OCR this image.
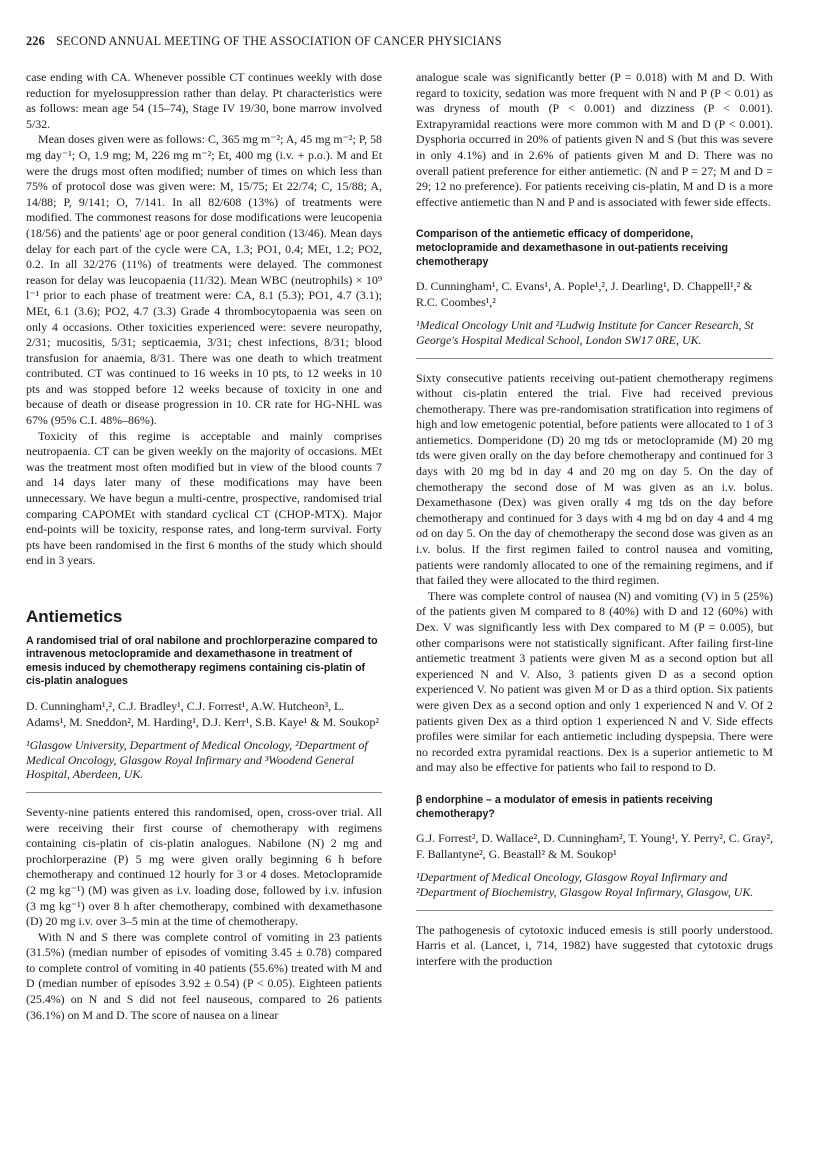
226 SECOND ANNUAL MEETING OF THE ASSOCIATION OF CANCER PHYSICIANS

case ending with CA. Whenever possible CT continues weekly with dose reduction for myelosuppression rather than delay. Pt characteristics were as follows: mean age 54 (15–74), Stage IV 19/30, bone marrow involved 5/32.

Mean doses given were as follows: C, 365 mg m⁻²; A, 45 mg m⁻²; P, 58 mg day⁻¹; O, 1.9 mg; M, 226 mg m⁻²; Et, 400 mg (i.v. + p.o.). M and Et were the drugs most often modified; number of times on which less than 75% of protocol dose was given were: M, 15/75; Et 22/74; C, 15/88; A, 14/88; P, 9/141; O, 7/141. In all 82/608 (13%) of treatments were modified. The commonest reasons for dose modifications were leucopenia (18/56) and the patients' age or poor general condition (13/46). Mean days delay for each part of the cycle were CA, 1.3; PO1, 0.4; MEt, 1.2; PO2, 0.2. In all 32/276 (11%) of treatments were delayed. The commonest reason for delay was leucopaenia (11/32). Mean WBC (neutrophils) × 10⁹ l⁻¹ prior to each phase of treatment were: CA, 8.1 (5.3); PO1, 4.7 (3.1); MEt, 6.1 (3.6); PO2, 4.7 (3.3) Grade 4 thrombocytopaenia was seen on only 4 occasions. Other toxicities experienced were: severe neuropathy, 2/31; mucositis, 5/31; septicaemia, 3/31; chest infections, 8/31; blood transfusion for anaemia, 8/31. There was one death to which treatment contributed. CT was continued to 16 weeks in 10 pts, to 12 weeks in 10 pts and was stopped before 12 weeks because of toxicity in one and because of death or disease progression in 10. CR rate for HG-NHL was 67% (95% C.I. 48%–86%).

Toxicity of this regime is acceptable and mainly comprises neutropaenia. CT can be given weekly on the majority of occasions. MEt was the treatment most often modified but in view of the blood counts 7 and 14 days later many of these modifications may have been unnecessary. We have begun a multi-centre, prospective, randomised trial comparing CAPOMEt with standard cyclical CT (CHOP-MTX). Major end-points will be toxicity, response rates, and long-term survival. Forty pts have been randomised in the first 6 months of the study which should end in 3 years.

Antiemetics
A randomised trial of oral nabilone and prochlorperazine compared to intravenous metoclopramide and dexamethasone in treatment of emesis induced by chemotherapy regimens containing cis-platin of cis-platin analogues
D. Cunningham¹,², C.J. Bradley¹, C.J. Forrest¹, A.W. Hutcheon³, L. Adams¹, M. Sneddon², M. Harding¹, D.J. Kerr¹, S.B. Kaye¹ & M. Soukop²
¹Glasgow University, Department of Medical Oncology, ²Department of Medical Oncology, Glasgow Royal Infirmary and ³Woodend General Hospital, Aberdeen, UK.

Seventy-nine patients entered this randomised, open, cross-over trial. All were receiving their first course of chemotherapy with regimens containing cis-platin of cis-platin analogues. Nabilone (N) 2 mg and prochlorperazine (P) 5 mg were given orally beginning 6 h before chemotherapy and continued 12 hourly for 3 or 4 doses. Metoclopramide (2 mg kg⁻¹) (M) was given as i.v. loading dose, followed by i.v. infusion (3 mg kg⁻¹) over 8 h after chemotherapy, combined with dexamethasone (D) 20 mg i.v. over 3–5 min at the time of chemotherapy.

With N and S there was complete control of vomiting in 23 patients (31.5%) (median number of episodes of vomiting 3.45 ± 0.78) compared to complete control of vomiting in 40 patients (55.6%) treated with M and D (median number of episodes 3.92 ± 0.54) (P < 0.05). Eighteen patients (25.4%) on N and S did not feel nauseous, compared to 26 patients (36.1%) on M and D. The score of nausea on a linear

analogue scale was significantly better (P = 0.018) with M and D. With regard to toxicity, sedation was more frequent with N and P (P < 0.01) as was dryness of mouth (P < 0.001) and dizziness (P < 0.001). Extrapyramidal reactions were more common with M and D (P < 0.001). Dysphoria occurred in 20% of patients given N and S (but this was severe in only 4.1%) and in 2.6% of patients given M and D. There was no overall patient preference for either antiemetic. (N and P = 27; M and D = 29; 12 no preference). For patients receiving cis-platin, M and D is a more effective antiemetic than N and P and is associated with fewer side effects.

Comparison of the antiemetic efficacy of domperidone, metoclopramide and dexamethasone in out-patients receiving chemotherapy
D. Cunningham¹, C. Evans¹, A. Pople¹,², J. Dearling¹, D. Chappell¹,² & R.C. Coombes¹,²
¹Medical Oncology Unit and ²Ludwig Institute for Cancer Research, St George's Hospital Medical School, London SW17 0RE, UK.

Sixty consecutive patients receiving out-patient chemotherapy regimens without cis-platin entered the trial. Five had received previous chemotherapy. There was pre-randomisation stratification into regimens of high and low emetogenic potential, before patients were allocated to 1 of 3 antiemetics. Domperidone (D) 20 mg tds or metoclopramide (M) 20 mg tds were given orally on the day before chemotherapy and continued for 3 days with 20 mg bd in day 4 and 20 mg on day 5. On the day of chemotherapy the second dose of M was given as an i.v. bolus. Dexamethasone (Dex) was given orally 4 mg tds on the day before chemotherapy and continued for 3 days with 4 mg bd on day 4 and 4 mg od on day 5. On the day of chemotherapy the second dose was given as an i.v. bolus. If the first regimen failed to control nausea and vomiting, patients were randomly allocated to one of the remaining regimens, and if that failed they were allocated to the third regimen.

There was complete control of nausea (N) and vomiting (V) in 5 (25%) of the patients given M compared to 8 (40%) with D and 12 (60%) with Dex. V was significantly less with Dex compared to M (P = 0.005), but other comparisons were not statistically significant. After failing first-line antiemetic treatment 3 patients were given M as a second option but all experienced N and V. Also, 3 patients given D as a second option experienced V. No patient was given M or D as a third option. Six patients were given Dex as a second option and only 1 experienced N and V. Of 2 patients given Dex as a third option 1 experienced N and V. Side effects profiles were similar for each antiemetic including dyspepsia. There were no recorded extra pyramidal reactions. Dex is a superior antiemetic to M and may also be effective for patients who fail to respond to D.

β endorphine – a modulator of emesis in patients receiving chemotherapy?
G.J. Forrest², D. Wallace², D. Cunningham², T. Young¹, Y. Perry², C. Gray², F. Ballantyne², G. Beastall² & M. Soukop¹
¹Department of Medical Oncology, Glasgow Royal Infirmary and ²Department of Biochemistry, Glasgow Royal Infirmary, Glasgow, UK.

The pathogenesis of cytotoxic induced emesis is still poorly understood. Harris et al. (Lancet, i, 714, 1982) have suggested that cytotoxic drugs interfere with the production
